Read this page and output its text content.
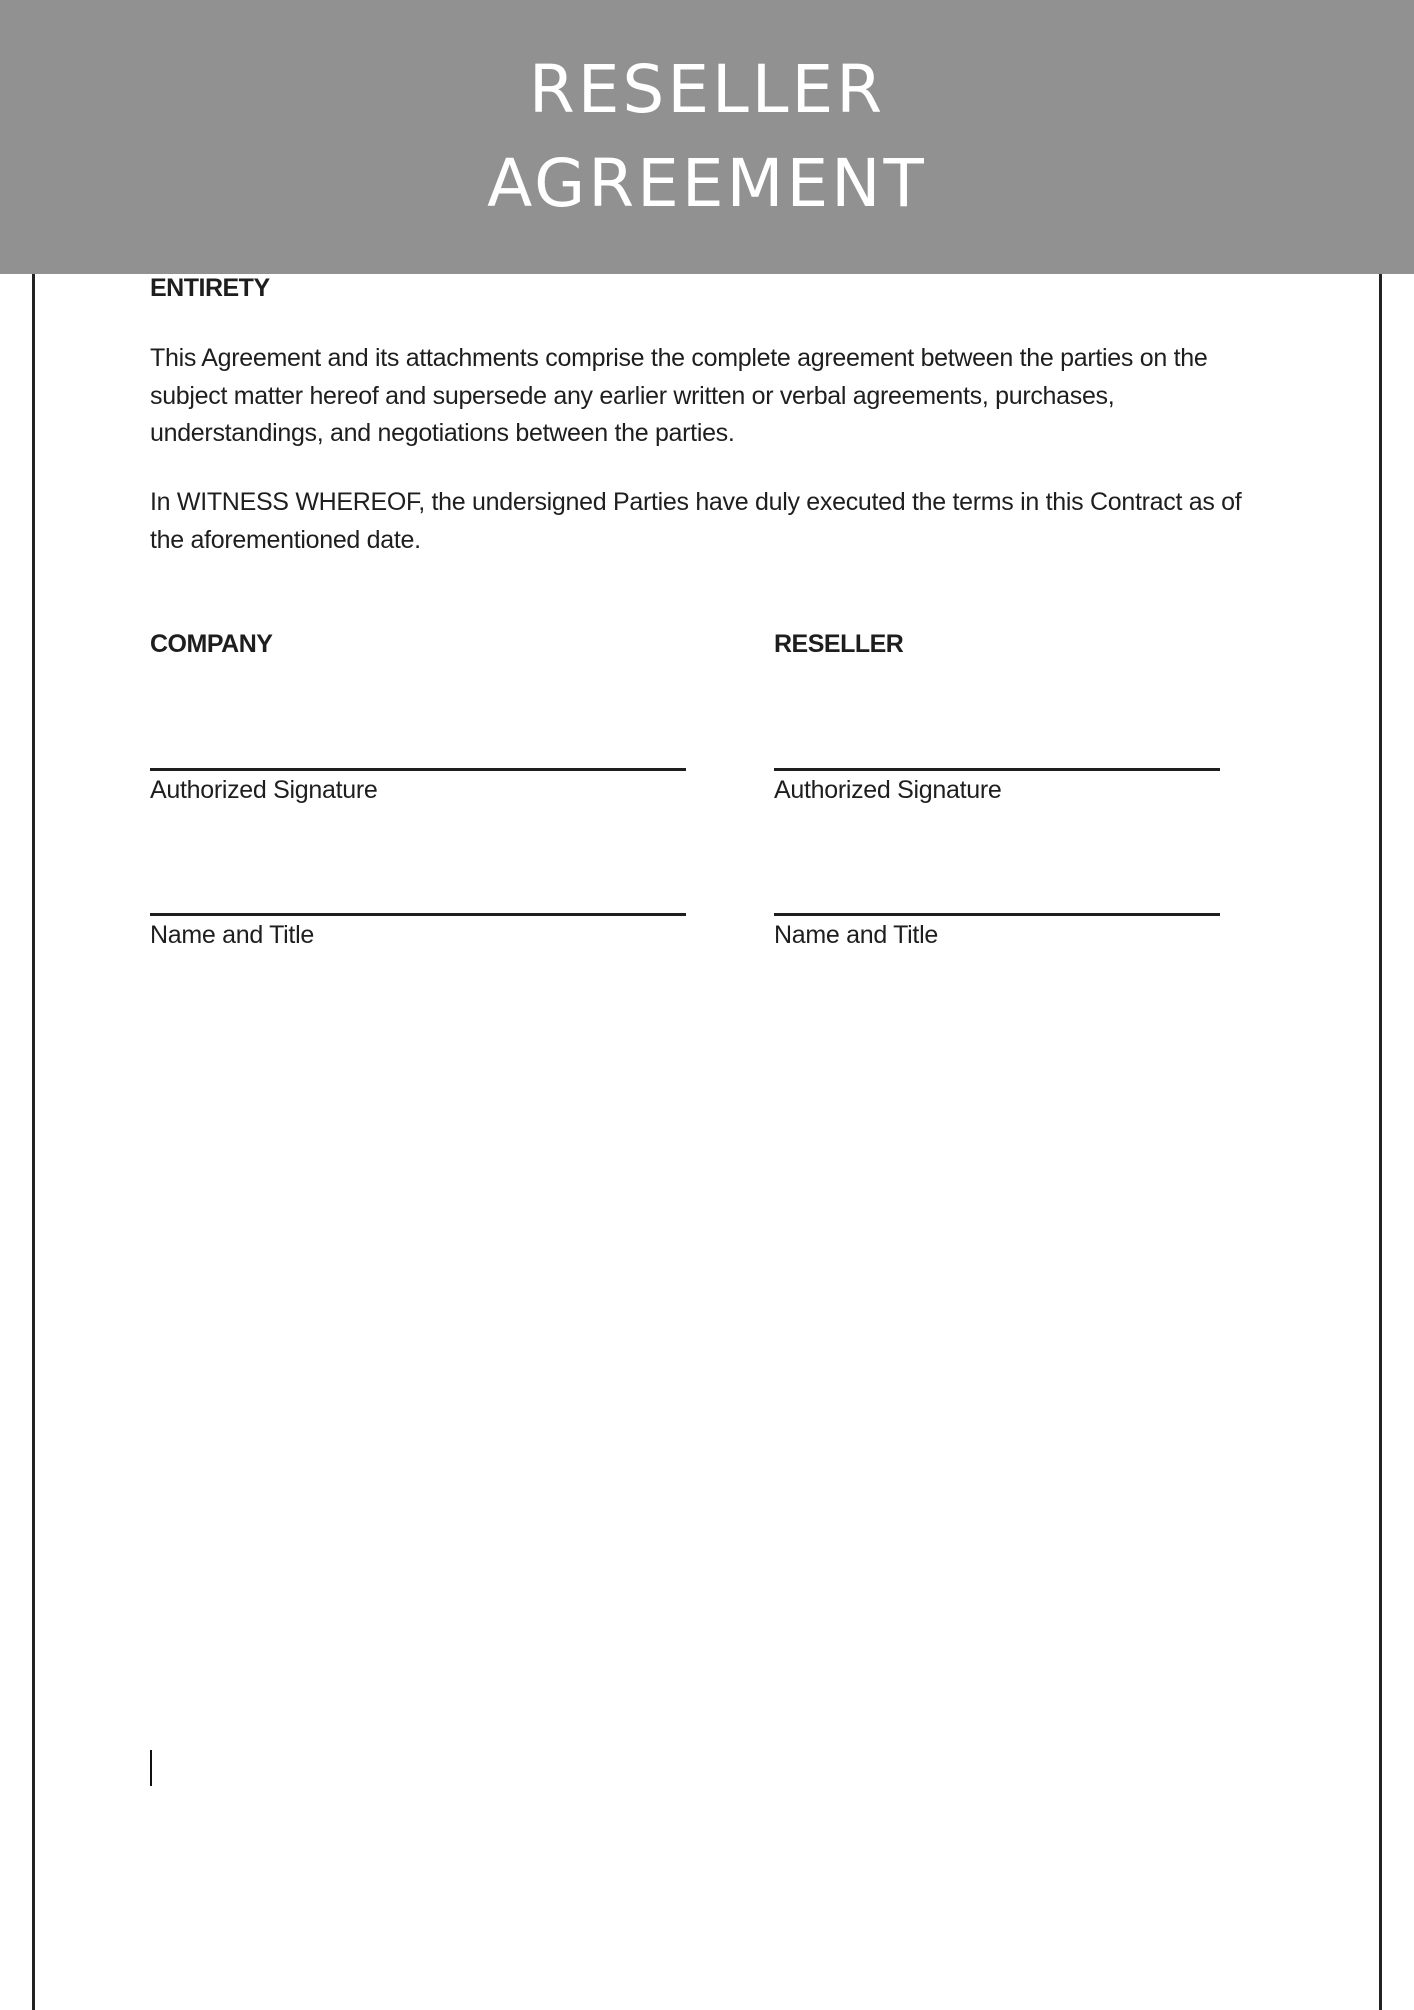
RESELLER
AGREEMENT
ENTIRETY

This Agreement and its attachments comprise the complete agreement between the parties on the subject matter hereof and supersede any earlier written or verbal agreements, purchases, understandings, and negotiations between the parties.

In WITNESS WHEREOF, the undersigned Parties have duly executed the terms in this Contract as of the aforementioned date.

COMPANY	RESELLER

Authorized Signature	Authorized Signature

Name and Title	Name and Title
